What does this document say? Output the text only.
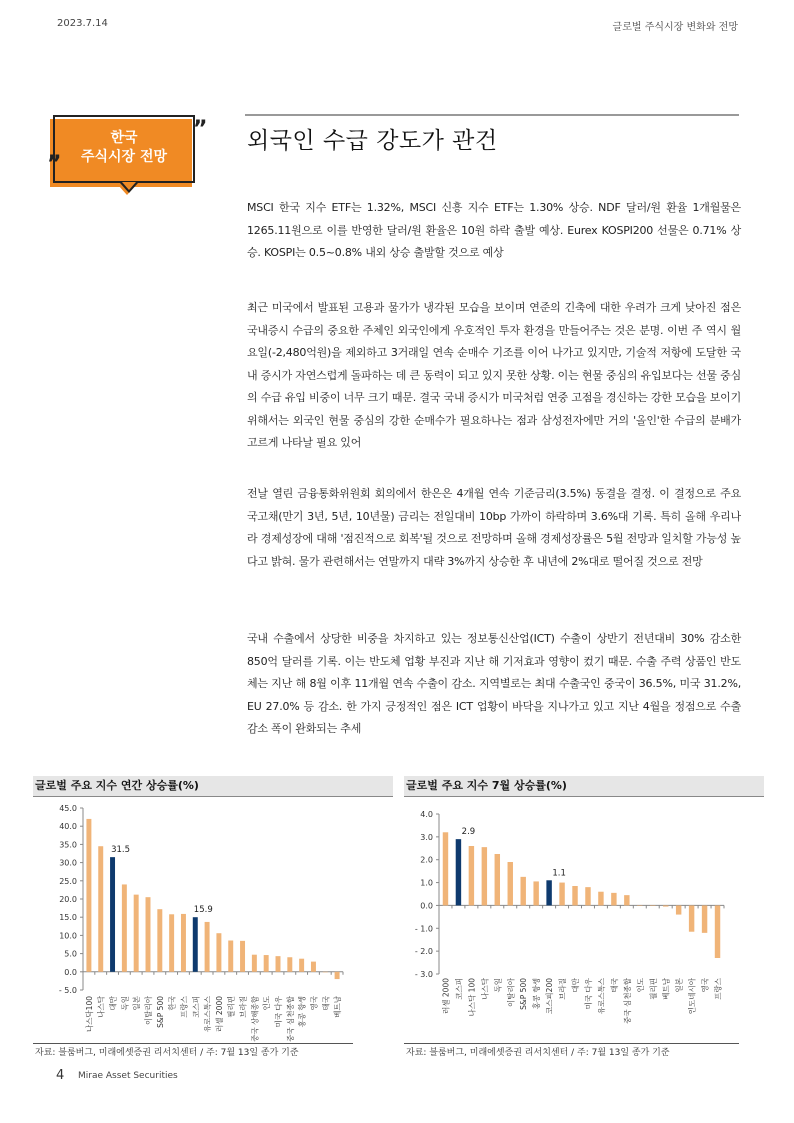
2023.7.14	글로벌 주식시장 변화와 전망
한국
주식시장 전망
”
”
외국인 수급 강도가 관건
MSCI 한국 지수 ETF는 1.32%, MSCI 신흥 지수 ETF는 1.30% 상승. NDF 달러/원 환율 1개월물은 1265.11원으로 이를 반영한 달러/원 환율은 10원 하락 출발 예상. Eurex KOSPI200 선물은 0.71% 상승. KOSPI는 0.5~0.8% 내외 상승 출발할 것으로 예상
최근 미국에서 발표된 고용과 물가가 냉각된 모습을 보이며 연준의 긴축에 대한 우려가 크게 낮아진 점은 국내증시 수급의 중요한 주체인 외국인에게 우호적인 투자 환경을 만들어주는 것은 분명. 이번 주 역시 월요일(-2,480억원)을 제외하고 3거래일 연속 순매수 기조를 이어 나가고 있지만, 기술적 저항에 도달한 국내 증시가 자연스럽게 돌파하는 데 큰 동력이 되고 있지 못한 상황. 이는 현물 중심의 유입보다는 선물 중심의 수급 유입 비중이 너무 크기 때문. 결국 국내 증시가 미국처럼 연중 고점을 경신하는 강한 모습을 보이기 위해서는 외국인 현물 중심의 강한 순매수가 필요하나는 점과 삼성전자에만 거의 '올인'한 수급의 분배가 고르게 나타날 필요 있어
전날 열린 금융통화위원회 회의에서 한은은 4개월 연속 기준금리(3.5%) 동결을 결정. 이 결정으로 주요 국고채(만기 3년, 5년, 10년물) 금리는 전일대비 10bp 가까이 하락하며 3.6%대 기록. 특히 올해 우리나라 경제성장에 대해 '점진적으로 회복'될 것으로 전망하며 올해 경제성장률은 5월 전망과 일치할 가능성 높다고 밝혀. 물가 관련해서는 연말까지 대략 3%까지 상승한 후 내년에 2%대로 떨어질 것으로 전망
국내 수출에서 상당한 비중을 차지하고 있는 정보통신산업(ICT) 수출이 상반기 전년대비 30% 감소한 850억 달러를 기록. 이는 반도체 업황 부진과 지난 해 기저효과 영향이 컸기 때문. 수출 주력 상품인 반도체는 지난 해 8월 이후 11개월 연속 수출이 감소. 지역별로는 최대 수출국인 중국이 36.5%, 미국 31.2%, EU 27.0% 등 감소. 한 가지 긍정적인 점은 ICT 업황이 바닥을 지나가고 있고 지난 4월을 정점으로 수출 감소 폭이 완화되는 추세
글로벌 주요 지수 연간 상승률(%)
45.0
40.0
35.0
30.0
25.0
20.0
15.0
10.0
5.0
0.0
- 5.0
나스닥100 나스닥
31.5
대만 독일 일본 이탈리아 S&P 500 한국 프랑스
15.9
코스피 유로스톡스 러셀 2000 필리핀 브라질 중국 상해종합 인도 미국 다우 중국 심천종합 홍콩 항셍 영국 태국 베트남
자료: 블룸버그, 미래에셋증권 리서치센터 / 주: 7월 13일 종가 기준
글로벌 주요 지수 7월 상승률(%)
4.0
3.0
2.0
1.0
0.0
- 1.0
- 2.0
- 3.0
러셀 2000
2.9
코스피 나스닥 100 나스닥 독일 이탈리아 S&P 500 홍콩 항셍
1.1
코스피200 브라질 대만 미국 다우 유로스톡스 태국 중국 심천종합 인도 필리핀 베트남 일본 인도네시아 영국 프랑스
자료: 블룸버그, 미래에셋증권 리서치센터 / 주: 7월 13일 종가 기준
4 Mirae Asset Securities
